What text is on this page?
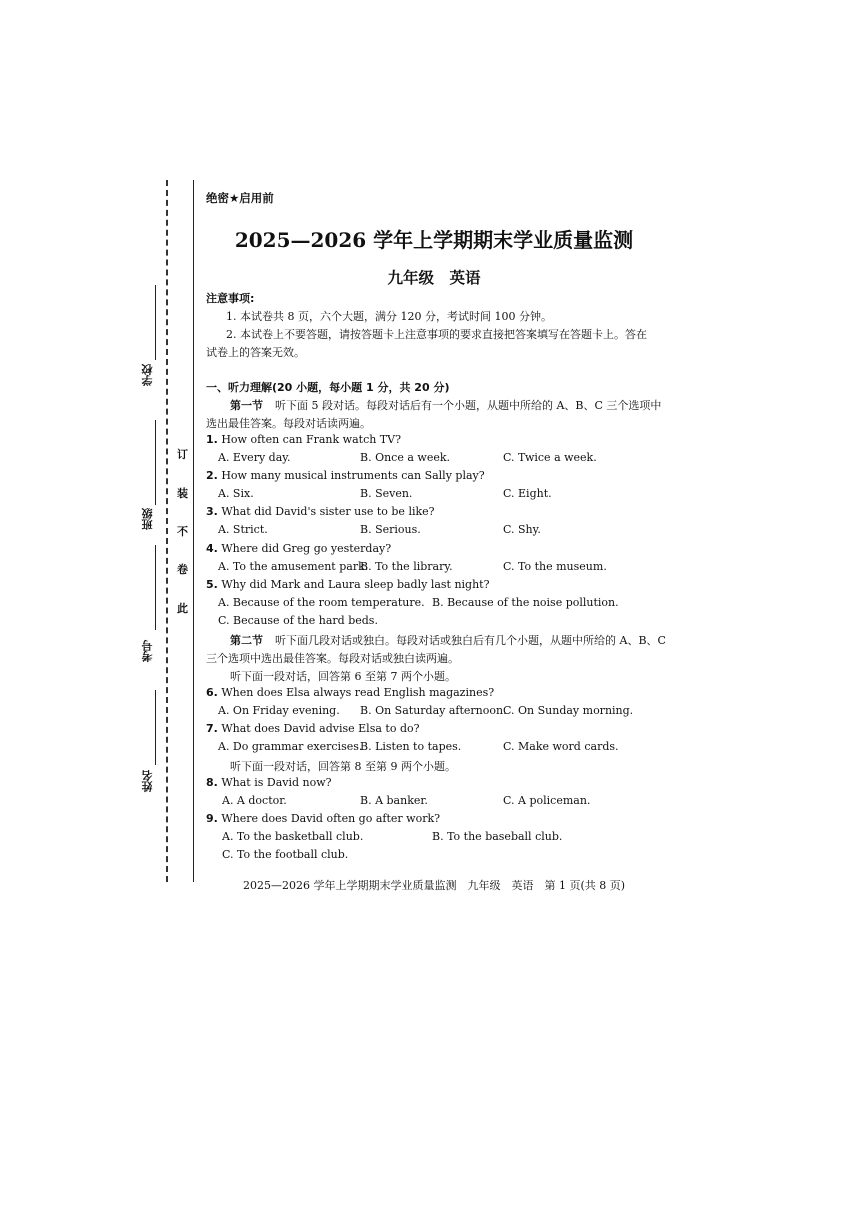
学校
班级
考号
姓名
订
装
不
卷
此
绝密★启用前
2025—2026 学年上学期期末学业质量监测
九年级　英语
注意事项:
1. 本试卷共 8 页，六个大题，满分 120 分，考试时间 100 分钟。
2. 本试卷上不要答题，请按答题卡上注意事项的要求直接把答案填写在答题卡上。答在
试卷上的答案无效。
一、听力理解(20 小题，每小题 1 分，共 20 分)
第一节 听下面 5 段对话。每段对话后有一个小题，从题中所给的 A、B、C 三个选项中
选出最佳答案。每段对话读两遍。
1. How often can Frank watch TV?
A. Every day.	B. Once a week.	C. Twice a week.
2. How many musical instruments can Sally play?
A. Six.	B. Seven.	C. Eight.
3. What did David's sister use to be like?
A. Strict.	B. Serious.	C. Shy.
4. Where did Greg go yesterday?
A. To the amusement park.
B. To the library.	C. To the museum.
5. Why did Mark and Laura sleep badly last night?
A. Because of the room temperature. B. Because of the noise pollution.
C. Because of the hard beds.
第二节 听下面几段对话或独白。每段对话或独白后有几个小题，从题中所给的 A、B、C
三个选项中选出最佳答案。每段对话或独白读两遍。
听下面一段对话，回答第 6 至第 7 两个小题。
6. When does Elsa always read English magazines?
A. On Friday evening. B. On Saturday afternoon.
C. On Sunday morning.
7. What does David advise Elsa to do?
A. Do grammar exercises.
B. Listen to tapes.	C. Make word cards.
听下面一段对话，回答第 8 至第 9 两个小题。
8. What is David now?
A. A doctor.	B. A banker.	C. A policeman.
9. Where does David often go after work?
A. To the basketball club.	B. To the baseball club.
C. To the football club.
2025—2026 学年上学期期末学业质量监测　九年级　英语　第 1 页(共 8 页)
